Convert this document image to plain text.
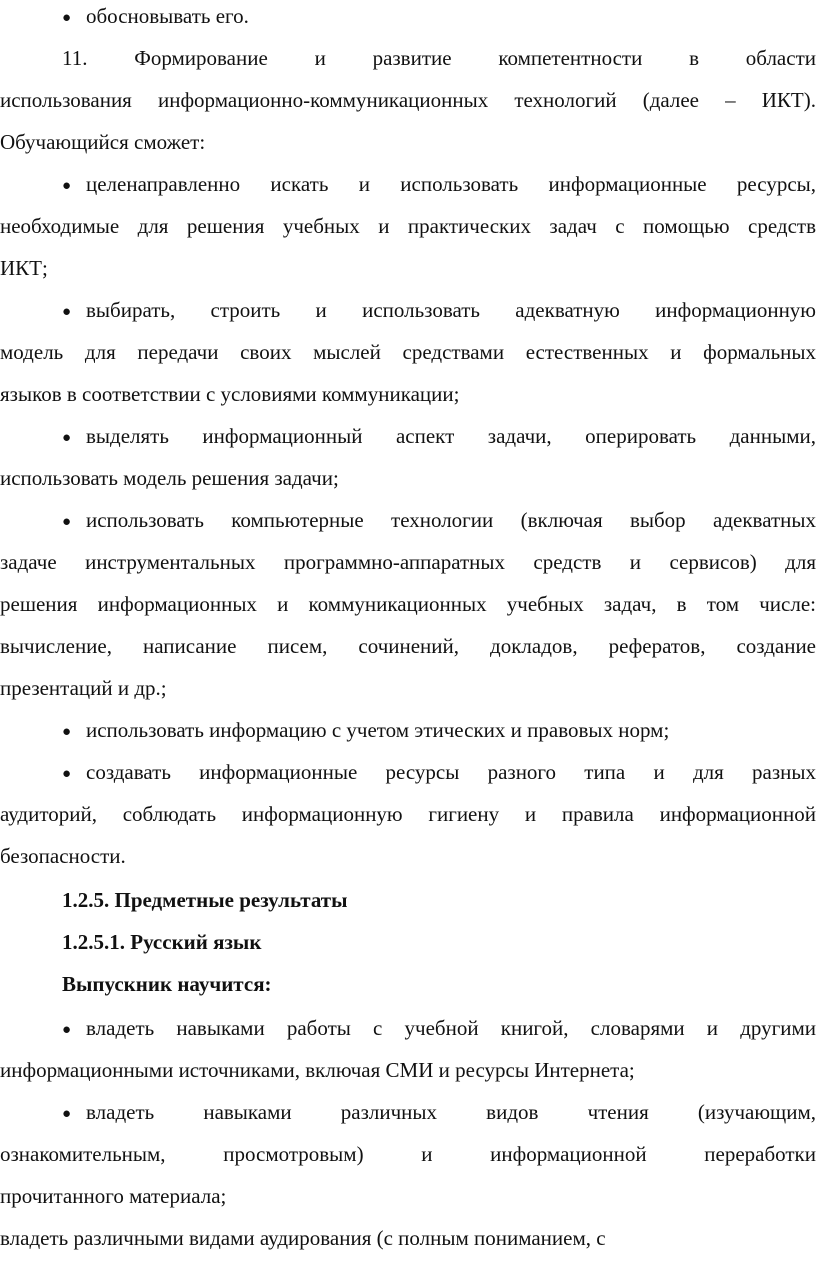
● обосновывать его.
11. Формирование и развитие компетентности в области
использования информационно-коммуникационных технологий (далее – ИКТ).
Обучающийся сможет:
● целенаправленно искать и использовать информационные ресурсы,
необходимые для решения учебных и практических задач с помощью средств
ИКТ;
● выбирать, строить и использовать адекватную информационную
модель для передачи своих мыслей средствами естественных и формальных
языков в соответствии с условиями коммуникации;
● выделять информационный аспект задачи, оперировать данными,
использовать модель решения задачи;
● использовать компьютерные технологии (включая выбор адекватных
задаче инструментальных программно-аппаратных средств и сервисов) для
решения информационных и коммуникационных учебных задач, в том числе:
вычисление, написание писем, сочинений, докладов, рефератов, создание
презентаций и др.;
● использовать информацию с учетом этических и правовых норм;
● создавать информационные ресурсы разного типа и для разных
аудиторий, соблюдать информационную гигиену и правила информационной
безопасности.
1.2.5. Предметные результаты
1.2.5.1. Русский язык
Выпускник научится:
● владеть навыками работы с учебной книгой, словарями и другими
информационными источниками, включая СМИ и ресурсы Интернета;
● владеть навыками различных видов чтения (изучающим,
ознакомительным, просмотровым) и информационной переработки
прочитанного материала;
владеть различными видами аудирования (с полным пониманием, с
